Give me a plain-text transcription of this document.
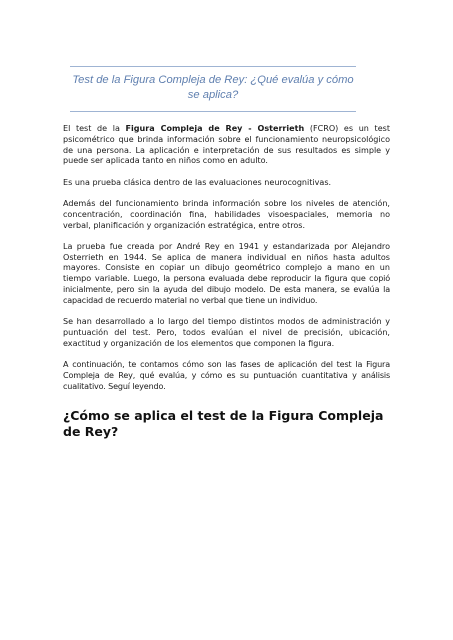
Test de la Figura Compleja de Rey: ¿Qué evalúa y cómo se aplica?

El test de la Figura Compleja de Rey - Osterrieth (FCRO) es un test psicométrico que brinda información sobre el funcionamiento neuropsicológico de una persona. La aplicación e interpretación de sus resultados es simple y puede ser aplicada tanto en niños como en adulto.

Es una prueba clásica dentro de las evaluaciones neurocognitivas.

Además del funcionamiento brinda información sobre los niveles de atención, concentración, coordinación fina, habilidades visoespaciales, memoria no verbal, planificación y organización estratégica, entre otros.

La prueba fue creada por André Rey en 1941 y estandarizada por Alejandro Osterrieth en 1944. Se aplica de manera individual en niños hasta adultos mayores. Consiste en copiar un dibujo geométrico complejo a mano en un tiempo variable. Luego, la persona evaluada debe reproducir la figura que copió inicialmente, pero sin la ayuda del dibujo modelo. De esta manera, se evalúa la capacidad de recuerdo material no verbal que tiene un individuo.

Se han desarrollado a lo largo del tiempo distintos modos de administración y puntuación del test. Pero, todos evalúan el nivel de precisión, ubicación, exactitud y organización de los elementos que componen la figura.

A continuación, te contamos cómo son las fases de aplicación del test la Figura Compleja de Rey, qué evalúa, y cómo es su puntuación cuantitativa y análisis cualitativo. Seguí leyendo.

¿Cómo se aplica el test de la Figura Compleja de Rey?
